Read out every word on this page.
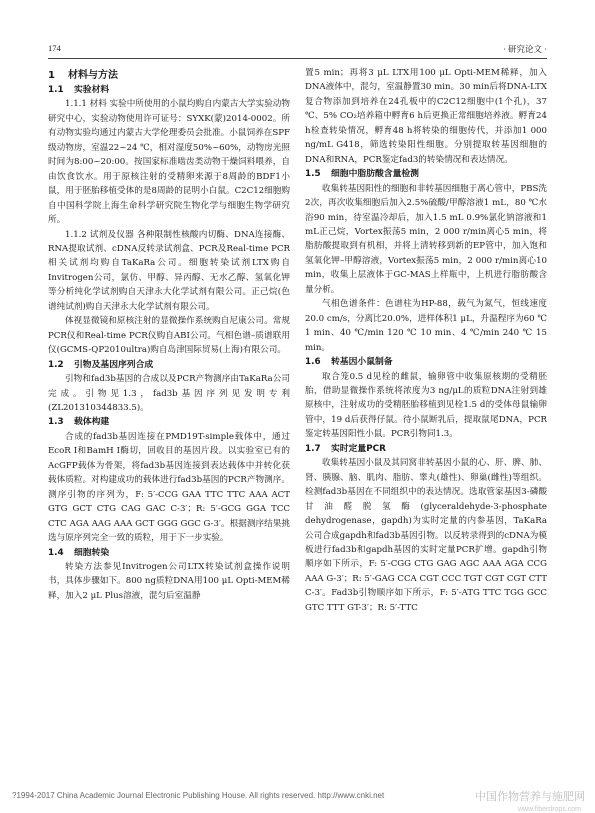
174	· 研究论文 ·
1 材料与方法
1.1 实验材料

1.1.1 材料 实验中所使用的小鼠均购自内蒙古大学实验动物研究中心，实验动物使用许可证号：SYXK(蒙)2014-0002。所有动物实验均通过内蒙古大学伦理委员会批准。小鼠饲养在SPF级动物房，室温22~24 ℃，相对湿度50%~60%，动物房光照时间为8:00~20:00。按国家标准啮齿类动物干燥饲料喂养，自由饮食饮水。用于原核注射的受精卵来源于8周龄的BDF1小鼠，用于胚胎移植受体的是8周龄的昆明小白鼠。C2C12细胞购自中国科学院上海生命科学研究院生物化学与细胞生物学研究所。

1.1.2 试剂及仪器 各种限制性核酸内切酶、DNA连接酶、RNA提取试剂、cDNA反转录试剂盒、PCR及Real-time PCR相关试剂均购自TaKaRa公司。细胞转染试剂LTX购自Invitrogen公司，氯仿、甲醇、异丙醇、无水乙醇、氢氧化钾等分析纯化学试剂购自天津永大化学试剂有限公司。正己烷(色谱纯试剂)购自天津永大化学试剂有限公司。

体视显微镜和原核注射的显微操作系统购自尼康公司。常规PCR仪和Real-time PCR仪购自ABI公司。气相色谱–质谱联用仪(GCMS-QP2010ultra)购自岛津国际贸易(上海)有限公司。

1.2 引物及基因序列合成

引物和fad3b基因的合成以及PCR产物测序由TaKaRa公司完成。引物见1.3，fad3b基因序列见发明专利(ZL201310344833.5)。

1.3 载体构建

合成的fad3b基因连接在PMD19T-simple载体中，通过EcoR I和BamH I酶切，回收目的基因片段。以实验室已有的AcGFP载体为骨架，将fad3b基因连接到表达载体中并转化获载体质粒。对构建成功的载体进行fad3b基因的PCR产物测序。测序引物的序列为，F: 5′-CCG GAA TTC TTC AAA ACT GTG GCT CTG CAG GAC C-3′；R: 5′-GCG GGA TCC CTC AGA AAG AAA GCT GGG GGC G-3′。根据测序结果挑选与原序列完全一致的质粒，用于下一步实验。

1.4 细胞转染

转染方法参见Invitrogen公司LTX转染试剂盒操作说明书，具体步骤如下。800 ng质粒DNA用100 μL Opti-MEM稀释，加入2 μL Plus溶液，混匀后室温静

置5 min；再将3 μL LTX用100 μL Opti-MEM稀释，加入DNA液体中，混匀，室温静置30 min。30 min后将DNA-LTX复合物添加到培养在24孔板中的C2C12细胞中(1个孔)，37 ℃、5% CO₂培养箱中孵育6 h后更换正常细胞培养液。孵育24 h检查转染情况，孵育48 h将转染的细胞传代，并添加1 000 ng/mL G418，筛选转染阳性细胞。分别提取转基因细胞的DNA和RNA，PCR鉴定fad3的转染情况和表达情况。

1.5 细胞中脂肪酸含量检测

收集转基因阳性的细胞和非转基因细胞于离心管中，PBS洗2次，再次收集细胞后加入2.5%硫酸/甲醇溶液1 mL，80 ℃水浴90 min，待室温冷却后，加入1.5 mL 0.9%氯化钠溶液和1 mL正己烷，Vortex振荡5 min，2 000 r/min离心5 min，将脂肪酸提取到有机相，并将上清转移到新的EP管中，加入饱和氢氧化钾–甲醇溶液，Vortex振荡5 min，2 000 r/min离心10 min，收集上层液体于GC-MAS上样瓶中，上机进行脂肪酸含量分析。

气相色谱条件：色谱柱为HP-88，载气为氮气，恒线速度20.0 cm/s，分离比20.0%，进样体积1 μL，升温程序为60 ℃ 1 min、40 ℃/min 120 ℃ 10 min、4 ℃/min 240 ℃ 15 min。

1.6 转基因小鼠制备

取合笼0.5 d见栓的雌鼠，输卵管中收集原核期的受精胚胎，借助显微操作系统将浓度为3 ng/μL的质粒DNA注射到雄原核中，注射成功的受精胚胎移植到见栓1.5 d的受体母鼠输卵管中，19 d后获得仔鼠。待小鼠断乳后，提取鼠尾DNA，PCR鉴定转基因阳性小鼠。PCR引物同1.3。

1.7 实时定量PCR

收集转基因小鼠及其同窝非转基因小鼠的心、肝、脾、肺、肾、胰腺、脑、肌肉、脂肪、睾丸(雄性)、卵巢(雌性)等组织。检测fad3b基因在不同组织中的表达情况。选取管家基因3-磷酸甘油醛脱氢酶(glyceraldehyde-3-phosphate dehydrogenase，gapdh)为实时定量的内参基因，TaKaRa公司合成gapdh和fad3b基因引物。以反转录得到的cDNA为模板进行fad3b和gapdh基因的实时定量PCR扩增。gapdh引物顺序如下所示，F: 5′-CGG CTG GAG AGC AAA AGA CCG AAA G-3′；R: 5′-GAG CCA CGT CCC TGT CGT CGT CTT C-3′。Fad3b引物顺序如下所示，F: 5′-ATG TTC TGG GCC GTC TTT GT-3′；R: 5′-TTC

?1994-2017 China Academic Journal Electronic Publishing House. All rights reserved. http://www.cnki.net	中国作物营养与施肥网
www.fiberdrops.com
